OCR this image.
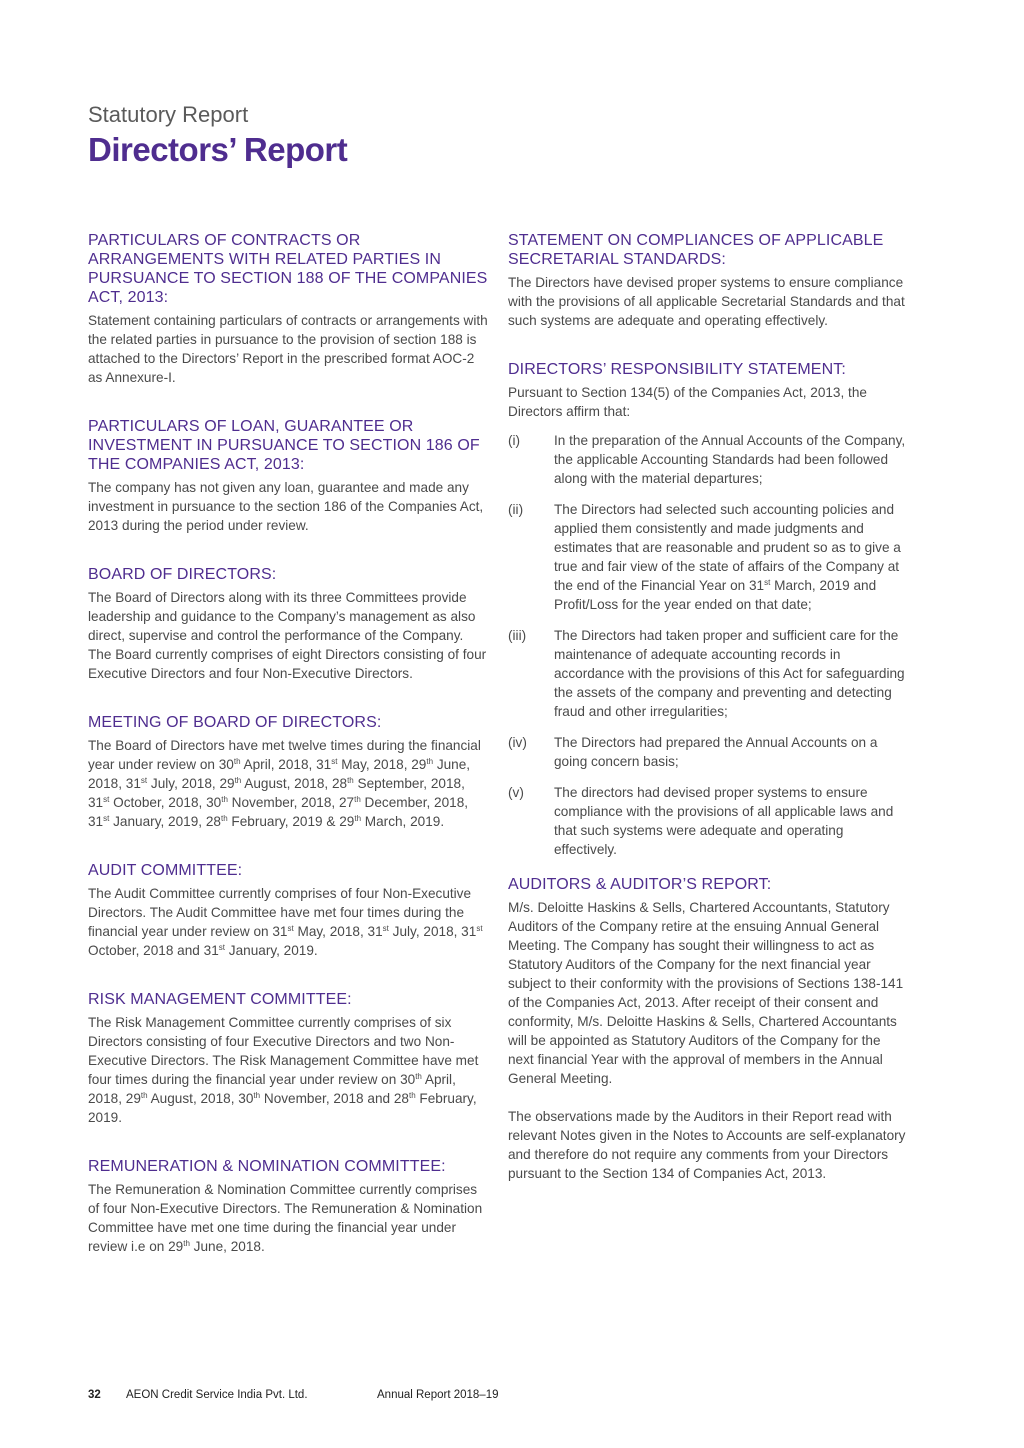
Statutory Report
Directors’ Report
PARTICULARS OF CONTRACTS OR ARRANGEMENTS WITH RELATED PARTIES IN PURSUANCE TO SECTION 188 OF THE COMPANIES ACT, 2013:

Statement containing particulars of contracts or arrangements with the related parties in pursuance to the provision of section 188 is attached to the Directors’ Report in the prescribed format AOC-2 as Annexure-I.

PARTICULARS OF LOAN, GUARANTEE OR INVESTMENT IN PURSUANCE TO SECTION 186 OF THE COMPANIES ACT, 2013:

The company has not given any loan, guarantee and made any investment in pursuance to the section 186 of the Companies Act, 2013 during the period under review.

BOARD OF DIRECTORS:

The Board of Directors along with its three Committees provide leadership and guidance to the Company’s management as also direct, supervise and control the performance of the Company. The Board currently comprises of eight Directors consisting of four Executive Directors and four Non-Executive Directors.

MEETING OF BOARD OF DIRECTORS:

The Board of Directors have met twelve times during the financial year under review on 30th April, 2018, 31st May, 2018, 29th June, 2018, 31st July, 2018, 29th August, 2018, 28th September, 2018, 31st October, 2018, 30th November, 2018, 27th December, 2018, 31st January, 2019, 28th February, 2019 & 29th March, 2019.

AUDIT COMMITTEE:

The Audit Committee currently comprises of four Non-Executive Directors. The Audit Committee have met four times during the financial year under review on 31st May, 2018, 31st July, 2018, 31st October, 2018 and 31st January, 2019.

RISK MANAGEMENT COMMITTEE:

The Risk Management Committee currently comprises of six Directors consisting of four Executive Directors and two Non-Executive Directors. The Risk Management Committee have met four times during the financial year under review on 30th April, 2018, 29th August, 2018, 30th November, 2018 and 28th February, 2019.

REMUNERATION & NOMINATION COMMITTEE:

The Remuneration & Nomination Committee currently comprises of four Non-Executive Directors. The Remuneration & Nomination Committee have met one time during the financial year under review i.e on 29th June, 2018.

STATEMENT ON COMPLIANCES OF APPLICABLE SECRETARIAL STANDARDS:

The Directors have devised proper systems to ensure compliance with the provisions of all applicable Secretarial Standards and that such systems are adequate and operating effectively.

DIRECTORS’ RESPONSIBILITY STATEMENT:

Pursuant to Section 134(5) of the Companies Act, 2013, the Directors affirm that:

(i)	In the preparation of the Annual Accounts of the Company, the applicable Accounting Standards had been followed along with the material departures;
(ii)	The Directors had selected such accounting policies and applied them consistently and made judgments and estimates that are reasonable and prudent so as to give a true and fair view of the state of affairs of the Company at the end of the Financial Year on 31st March, 2019 and Profit/Loss for the year ended on that date;
(iii)	The Directors had taken proper and sufficient care for the maintenance of adequate accounting records in accordance with the provisions of this Act for safeguarding the assets of the company and preventing and detecting fraud and other irregularities;
(iv)	The Directors had prepared the Annual Accounts on a going concern basis;
(v)	The directors had devised proper systems to ensure compliance with the provisions of all applicable laws and that such systems were adequate and operating effectively.
AUDITORS & AUDITOR’S REPORT:

M/s. Deloitte Haskins & Sells, Chartered Accountants, Statutory Auditors of the Company retire at the ensuing Annual General Meeting. The Company has sought their willingness to act as Statutory Auditors of the Company for the next financial year subject to their conformity with the provisions of Sections 138-141 of the Companies Act, 2013. After receipt of their consent and conformity, M/s. Deloitte Haskins & Sells, Chartered Accountants will be appointed as Statutory Auditors of the Company for the next financial Year with the approval of members in the Annual General Meeting.

The observations made by the Auditors in their Report read with relevant Notes given in the Notes to Accounts are self-explanatory and therefore do not require any comments from your Directors pursuant to the Section 134 of Companies Act, 2013.

32 AEON Credit Service India Pvt. Ltd.	Annual Report 2018–19
